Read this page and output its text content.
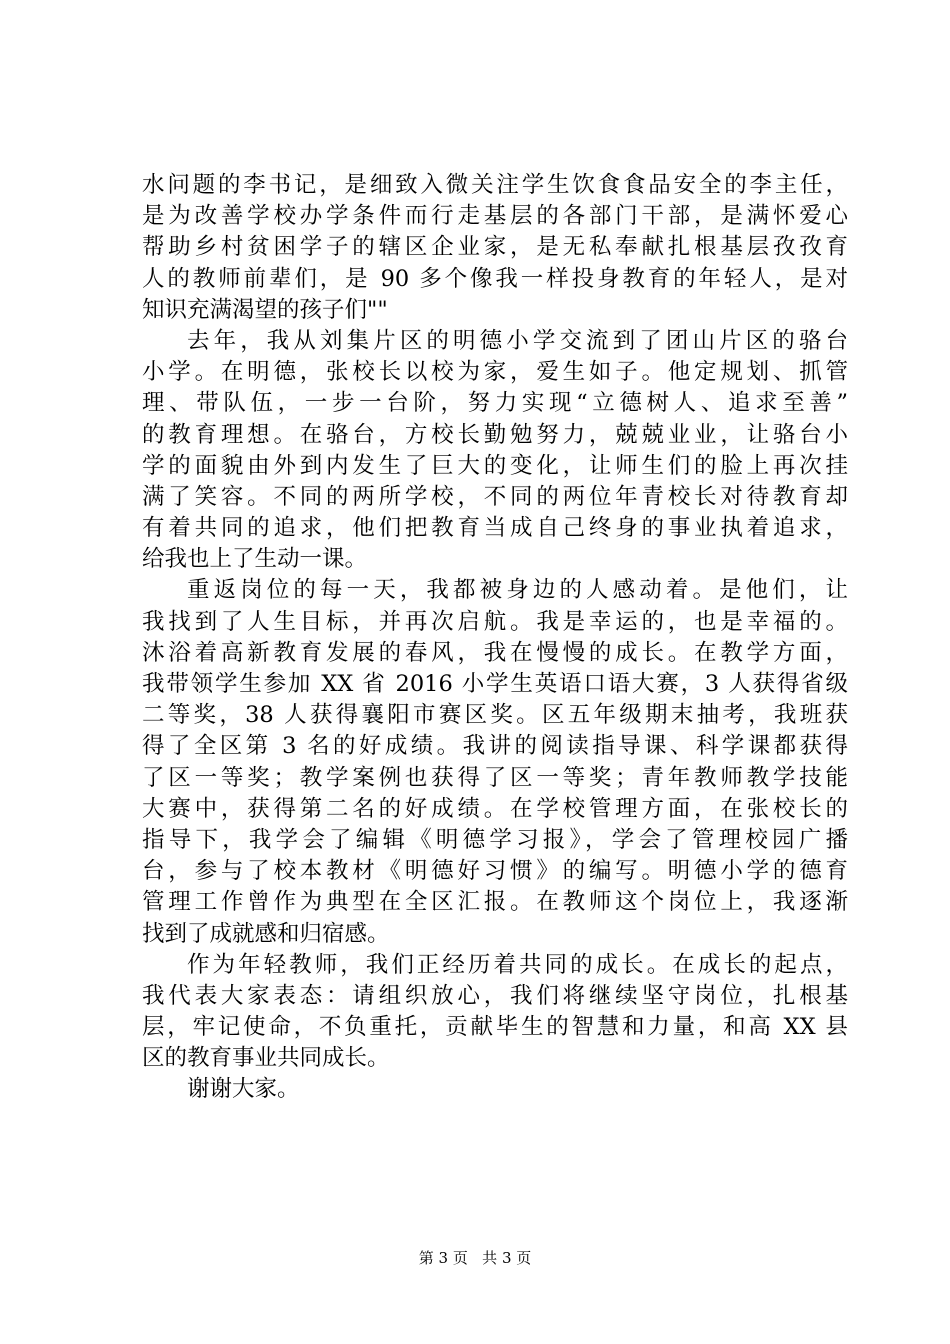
水问题的李书记，是细致入微关注学生饮食食品安全的李主任，
是为改善学校办学条件而行走基层的各部门干部，是满怀爱心
帮助乡村贫困学子的辖区企业家，是无私奉献扎根基层孜孜育
人的教师前辈们，是 90 多个像我一样投身教育的年轻人，是对
知识充满渴望的孩子们""
去年，我从刘集片区的明德小学交流到了团山片区的骆台
小学。在明德，张校长以校为家，爱生如子。他定规划、抓管
理、带队伍，一步一台阶，努力实现“立德树人、追求至善”
的教育理想。在骆台，方校长勤勉努力，兢兢业业，让骆台小
学的面貌由外到内发生了巨大的变化，让师生们的脸上再次挂
满了笑容。不同的两所学校，不同的两位年青校长对待教育却
有着共同的追求，他们把教育当成自己终身的事业执着追求，
给我也上了生动一课。
重返岗位的每一天，我都被身边的人感动着。是他们，让
我找到了人生目标，并再次启航。我是幸运的，也是幸福的。
沐浴着高新教育发展的春风，我在慢慢的成长。在教学方面，
我带领学生参加 XX 省 2016 小学生英语口语大赛，3 人获得省级
二等奖，38 人获得襄阳市赛区奖。区五年级期末抽考，我班获
得了全区第 3 名的好成绩。我讲的阅读指导课、科学课都获得
了区一等奖；教学案例也获得了区一等奖；青年教师教学技能
大赛中，获得第二名的好成绩。在学校管理方面，在张校长的
指导下，我学会了编辑《明德学习报》，学会了管理校园广播
台，参与了校本教材《明德好习惯》的编写。明德小学的德育
管理工作曾作为典型在全区汇报。在教师这个岗位上，我逐渐
找到了成就感和归宿感。
作为年轻教师，我们正经历着共同的成长。在成长的起点，
我代表大家表态：请组织放心，我们将继续坚守岗位，扎根基
层，牢记使命，不负重托，贡献毕生的智慧和力量，和高 XX 县
区的教育事业共同成长。
谢谢大家。
第 3 页 共 3 页
